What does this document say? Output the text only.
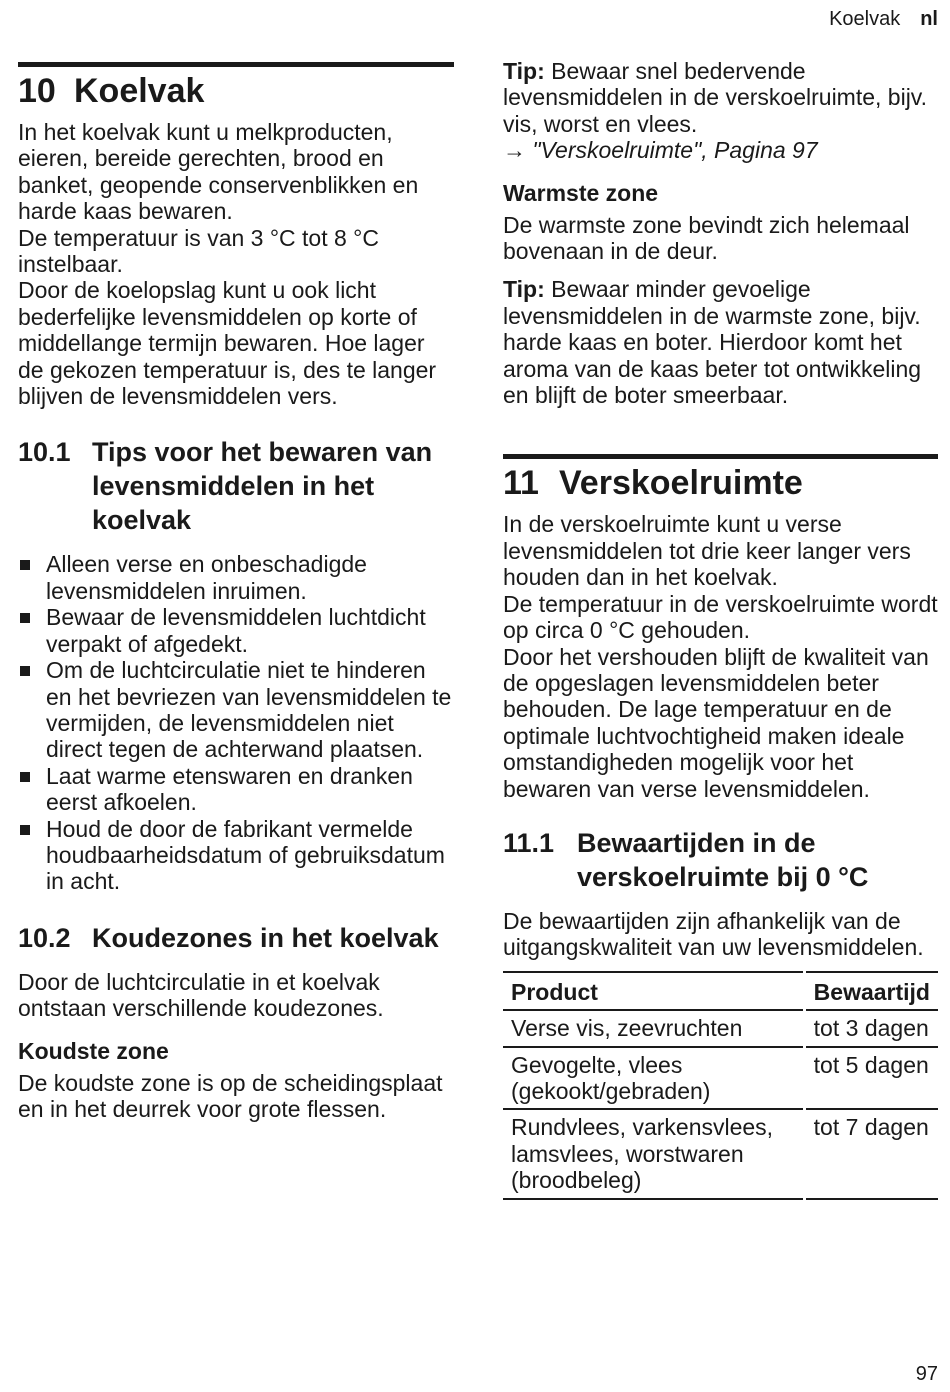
Koelvak nl
10 Koelvak

In het koelvak kunt u melkproducten, eieren, bereide gerechten, brood en banket, geopende conservenblikken en harde kaas bewaren.

De temperatuur is van 3 °C tot 8 °C instelbaar.

Door de koelopslag kunt u ook licht bederfelijke levensmiddelen op korte of middellange termijn bewaren. Hoe lager de gekozen temperatuur is, des te langer blijven de levensmiddelen vers.

10.1 Tips voor het bewaren van levensmiddelen in het koelvak
Alleen verse en onbeschadigde levensmiddelen inruimen.
Bewaar de levensmiddelen luchtdicht verpakt of afgedekt.
Om de luchtcirculatie niet te hinderen en het bevriezen van levensmiddelen te vermijden, de levensmiddelen niet direct tegen de achterwand plaatsen.
Laat warme etenswaren en dranken eerst afkoelen.
Houd de door de fabrikant vermelde houdbaarheidsdatum of gebruiksdatum in acht.
10.2 Koudezones in het koelvak

Door de luchtcirculatie in et koelvak ontstaan verschillende koudezones.

Koudste zone

De koudste zone is op de scheidingsplaat en in het deurrek voor grote flessen.

Tip: Bewaar snel bedervende levensmiddelen in de verskoelruimte, bijv. vis, worst en vlees.

→ "Verskoelruimte", Pagina 97

Warmste zone

De warmste zone bevindt zich helemaal bovenaan in de deur.

Tip: Bewaar minder gevoelige levensmiddelen in de warmste zone, bijv. harde kaas en boter. Hierdoor komt het aroma van de kaas beter tot ontwikkeling en blijft de boter smeerbaar.

11 Verskoelruimte

In de verskoelruimte kunt u verse levensmiddelen tot drie keer langer vers houden dan in het koelvak.

De temperatuur in de verskoelruimte wordt op circa 0 °C gehouden.

Door het vershouden blijft de kwaliteit van de opgeslagen levensmiddelen beter behouden. De lage temperatuur en de optimale luchtvochtigheid maken ideale omstandigheden mogelijk voor het bewaren van verse levensmiddelen.

11.1 Bewaartijden in de verskoelruimte bij 0 °C

De bewaartijden zijn afhankelijk van de uitgangskwaliteit van uw levensmiddelen.

Product	Bewaartijd
Verse vis, zeevruchten	tot 3 dagen
Gevogelte, vlees (gekookt/gebraden)	tot 5 dagen
Rundvlees, varkensvlees, lamsvlees, worstwaren (broodbeleg)	tot 7 dagen
97
